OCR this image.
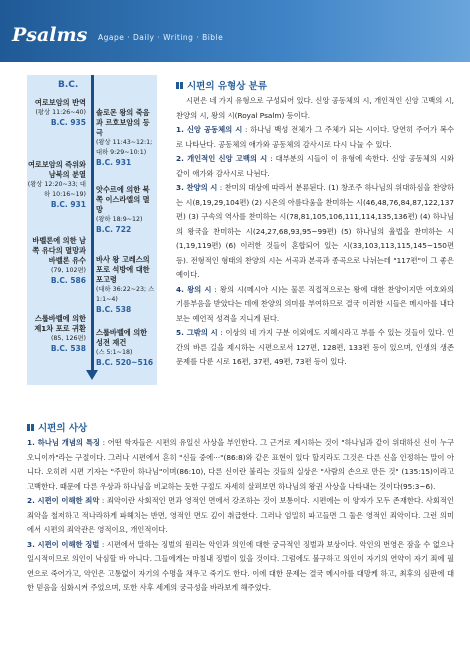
Psalms Agape · Daily · Writing · Bible
B.C.
여로보암의 반역
(왕상 11:26~40)
B.C. 935
여로보암의 즉위와 남북의 분열
(왕상 12:20~33; 대하 10:16~19)
B.C. 931
바벨론에 의한 남쪽 유다의 멸망과 바벨론 유수
(79, 102편)
B.C. 586
스룹바벨에 의한 제1차 포로 귀환
(85, 126편)
B.C. 538
솔로몬 왕의 죽음과 르호보암의 등극
(왕상 11:43~12:1; 대하 9:29~10:1)
B.C. 931
앗수르에 의한 북쪽 이스라엘의 멸망
(왕하 18:9~12)
B.C. 722
바사 왕 고레스의 포로 석방에 대한 포고령
(대하 36:22~23; 스 1:1~4)
B.C. 538
스룹바벨에 의한 성전 재건
(스 5:1~18)
B.C. 520~516
시편의 유형상 분류
시편은 네 가지 유형으로 구성되어 있다. 신앙 공동체의 시, 개인적인 신앙 고백의 시, 찬양의 시, 왕의 시(Royal Psalm) 등이다.
1. 신앙 공동체의 시 : 하나님 백성 전체가 그 주체가 되는 시이다. 당연히 주어가 복수로 나타난다. 공동체의 애가와 공동체의 감사시로 다시 나눌 수 있다.
2. 개인적인 신앙 고백의 시 : 대부분의 시들이 이 유형에 속한다. 신앙 공동체의 시와 같이 애가와 감사시로 나뉜다.
3. 찬양의 시 : 찬미의 대상에 따라서 분류된다. (1) 창조주 하나님의 위대하심을 찬양하는 시(8,19,29,104편) (2) 시온의 아름다움을 찬미하는 시(46,48,76,84,87,122,137편) (3) 구속의 역사를 찬미하는 시(78,81,105,106,111,114,135,136편) (4) 하나님의 왕국을 찬미하는 시(24,27,68,93,95~99편) (5) 하나님의 율법을 찬미하는 시(1,19,119편) (6) 이러한 것들이 혼합되어 있는 시(33,103,113,115,145~150편 등). 전형적인 형태의 찬양의 시는 서곡과 본곡과 종곡으로 나뉘는데 "117편"이 그 좋은 예이다.
4. 왕의 시 : 왕의 시(메시아 시)는 물론 직접적으로는 왕에 대한 찬양이지만 여호와의 기름부음을 받았다는 데에 찬양의 의미를 부여하므로 결국 이러한 시들은 메시아를 내다보는 예언적 성격을 지니게 된다.
5. 그밖의 시 : 이상의 네 가지 구분 이외에도 지혜시라고 부를 수 있는 것들이 있다. 인간의 바른 길을 제시하는 시편으로서 127편, 128편, 133편 등이 있으며, 인생의 생존 문제를 다룬 시로 16편, 37편, 49편, 73편 등이 있다.
시편의 사상
1. 하나님 개념의 특징 : 어떤 학자들은 시편의 유일신 사상을 부인한다. 그 근거로 제시하는 것이 "하나님과 같이 위대하신 신이 누구오니이까"라는 구절이다. 그러나 시편에서 흔히 "신들 중에···"(86:8)와 같은 표현이 있다 할지라도 그것은 다른 신을 인정하는 말이 아니다. 오히려 시편 기자는 "주만이 하나님"이며(86:10), 다른 신이란 불리는 것들의 실상은 "사람의 손으로 만든 것" (135:15)이라고 고백한다. 때문에 다른 우상과 하나님을 비교하는 듯한 구절도 자세히 살펴보면 하나님의 왕권 사상을 나타내는 것이다(95:3~6).
2. 시편이 이해한 죄악 : 죄악이란 사회적인 면과 영적인 면에서 강조하는 것이 보통이다. 시편에는 이 양자가 모두 존재한다. 사회적인 죄악을 철저하고 적나라하게 파헤치는 반면, 영적인 면도 깊이 취급한다. 그러나 엄밀히 파고들면 그 둘은 영적인 죄악이다. 그런 의미에서 시편의 죄악관은 영적이요, 개인적이다.
3. 시편이 이해한 징벌 : 시편에서 말하는 징벌의 원리는 악인과 의인에 대한 궁극적인 징벌과 보상이다. 악인의 번영은 잠을 수 없으나 일시적이므로 의인이 낙심할 바 아니다. 그들에게는 마침내 징벌이 있을 것이다. 그럼에도 불구하고 의인이 자기의 연약이 자기 죄에 필연으로 죽어가고, 악인은 고통없이 자기의 수명을 채우고 죽기도 한다. 이에 대한 문제는 결국 메시아를 대망케 하고, 최후의 심판에 대한 믿음을 심화시켜 주었으며, 또한 사후 세계의 궁극성을 바라보게 해주었다.
